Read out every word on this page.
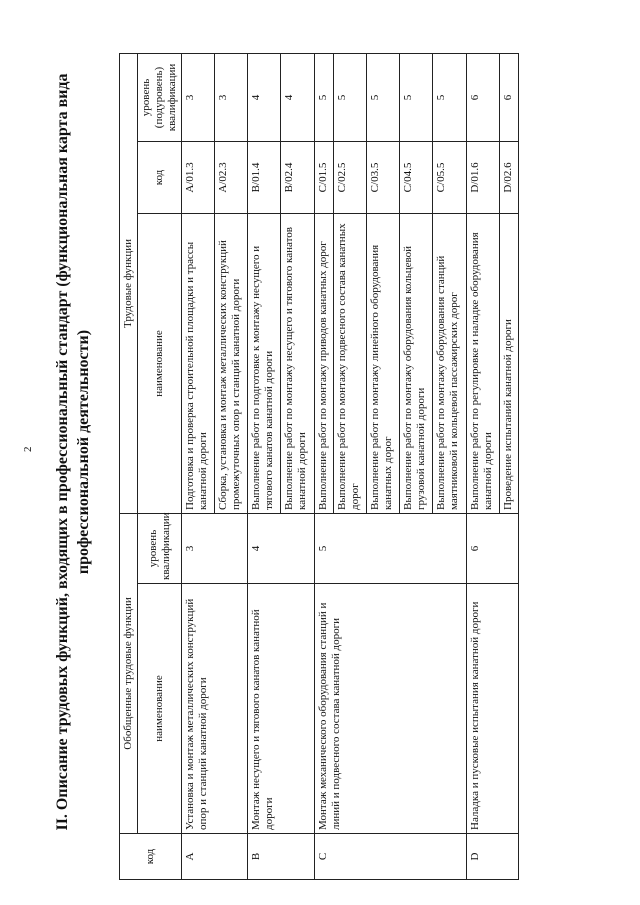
2 II. Описание трудовых функций, входящих в профессиональный стандарт (функциональная карта вида профессиональной деятельности)
код	Обобщенные трудовые функции		Трудовые функции		
	наименование	уровень квалификации	наименование	код	уровень (подуровень) квалификации
A	Установка и монтаж металлических конструкций опор и станций канатной дороги	3	Подготовка и проверка строительной площадки и трассы канатной дороги	A/01.3	3
			Сборка, установка и монтаж металлических конструкций промежуточных опор и станций канатной дороги	A/02.3	3
B	Монтаж несущего и тягового канатов канатной дороги	4	Выполнение работ по подготовке к монтажу несущего и тягового канатов канатной дороги	B/01.4	4
			Выполнение работ по монтажу несущего и тягового канатов канатной дороги	B/02.4	4
C	Монтаж механического оборудования станций и линий и подвесного состава канатной дороги	5	Выполнение работ по монтажу приводов канатных дорог	C/01.5	5
			Выполнение работ по монтажу подвесного состава канатных дорог	C/02.5	5
			Выполнение работ по монтажу линейного оборудования канатных дорог	C/03.5	5
			Выполнение работ по монтажу оборудования кольцевой грузовой канатной дороги	C/04.5	5
			Выполнение работ по монтажу оборудования станций маятниковой и кольцевой пассажирских дорог	C/05.5	5
D	Наладка и пусковые испытания канатной дороги	6	Выполнение работ по регулировке и наладке оборудования канатной дороги	D/01.6	6
			Проведение испытаний канатной дороги	D/02.6	6
